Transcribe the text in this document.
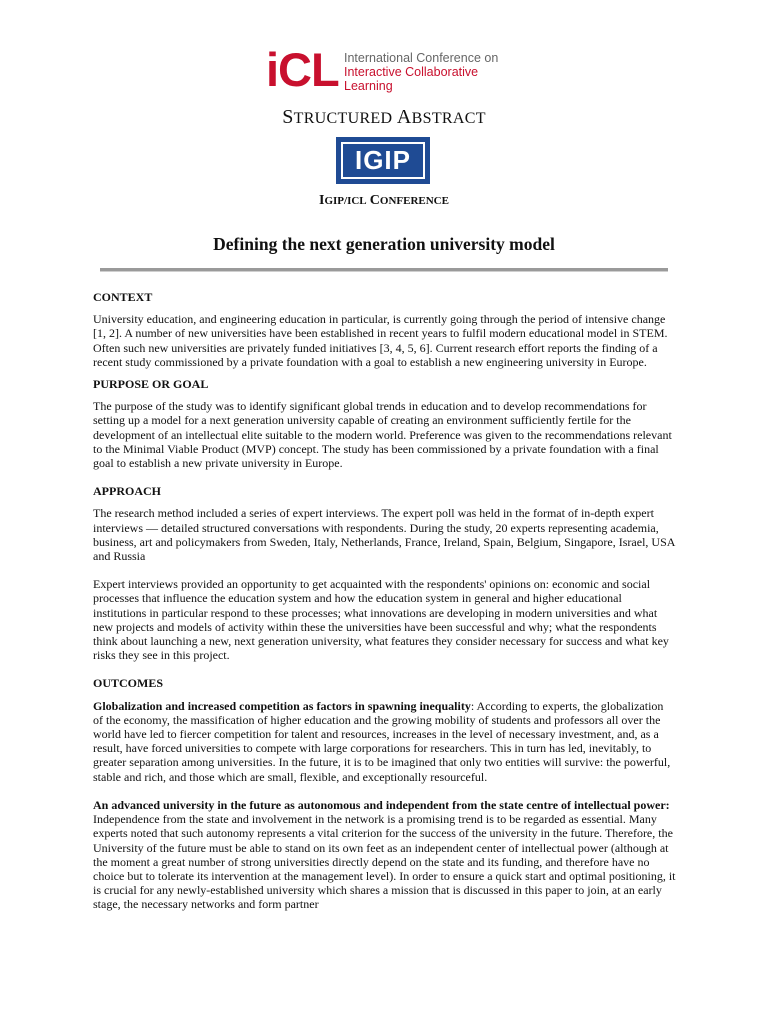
iCL International Conference on
Interactive Collaborative
Learning
STRUCTURED ABSTRACT
IGIP
IGIP/ICL CONFERENCE
Defining the next generation university model
CONTEXT

University education, and engineering education in particular, is currently going through the period of intensive change [1, 2]. A number of new universities have been established in recent years to fulfil modern educational model in STEM. Often such new universities are privately funded initiatives [3, 4, 5, 6]. Current research effort reports the finding of a recent study commissioned by a private foundation with a goal to establish a new engineering university in Europe.

PURPOSE OR GOAL

The purpose of the study was to identify significant global trends in education and to develop recommendations for setting up a model for a next generation university capable of creating an environment sufficiently fertile for the development of an intellectual elite suitable to the modern world. Preference was given to the recommendations relevant to the Minimal Viable Product (MVP) concept. The study has been commissioned by a private foundation with a final goal to establish a new private university in Europe.

APPROACH

The research method included a series of expert interviews. The expert poll was held in the format of in-depth expert interviews — detailed structured conversations with respondents. During the study, 20 experts representing academia, business, art and policymakers from Sweden, Italy, Netherlands, France, Ireland, Spain, Belgium, Singapore, Israel, USA and Russia

Expert interviews provided an opportunity to get acquainted with the respondents' opinions on: economic and social processes that influence the education system and how the education system in general and higher educational institutions in particular respond to these processes; what innovations are developing in modern universities and what new projects and models of activity within these the universities have been successful and why; what the respondents think about launching a new, next generation university, what features they consider necessary for success and what key risks they see in this project.

OUTCOMES

Globalization and increased competition as factors in spawning inequality: According to experts, the globalization of the economy, the massification of higher education and the growing mobility of students and professors all over the world have led to fiercer competition for talent and resources, increases in the level of necessary investment, and, as a result, have forced universities to compete with large corporations for researchers. This in turn has led, inevitably, to greater separation among universities. In the future, it is to be imagined that only two entities will survive: the powerful, stable and rich, and those which are small, flexible, and exceptionally resourceful.

An advanced university in the future as autonomous and independent from the state centre of intellectual power: Independence from the state and involvement in the network is a promising trend is to be regarded as essential. Many experts noted that such autonomy represents a vital criterion for the success of the university in the future. Therefore, the University of the future must be able to stand on its own feet as an independent center of intellectual power (although at the moment a great number of strong universities directly depend on the state and its funding, and therefore have no choice but to tolerate its intervention at the management level). In order to ensure a quick start and optimal positioning, it is crucial for any newly-established university which shares a mission that is discussed in this paper to join, at an early stage, the necessary networks and form partner
